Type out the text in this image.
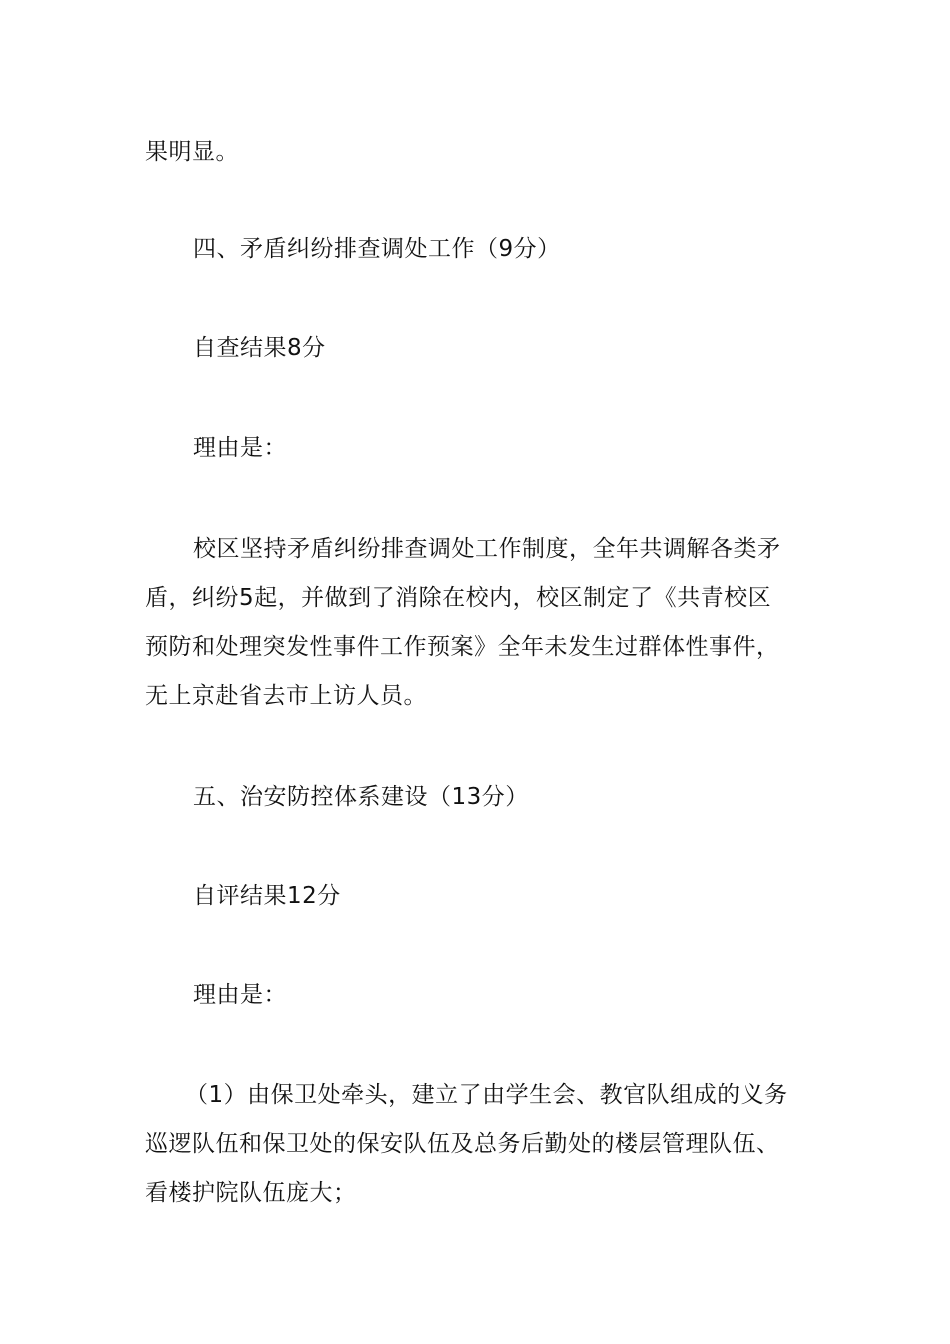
果明显。
四、矛盾纠纷排查调处工作（9分）
自查结果8分
理由是：
校区坚持矛盾纠纷排查调处工作制度，全年共调解各类矛
盾，纠纷5起，并做到了消除在校内，校区制定了《共青校区
预防和处理突发性事件工作预案》全年未发生过群体性事件，
无上京赴省去市上访人员。
五、治安防控体系建设（13分）
自评结果12分
理由是：
（1）由保卫处牵头，建立了由学生会、教官队组成的义务
巡逻队伍和保卫处的保安队伍及总务后勤处的楼层管理队伍、
看楼护院队伍庞大；
